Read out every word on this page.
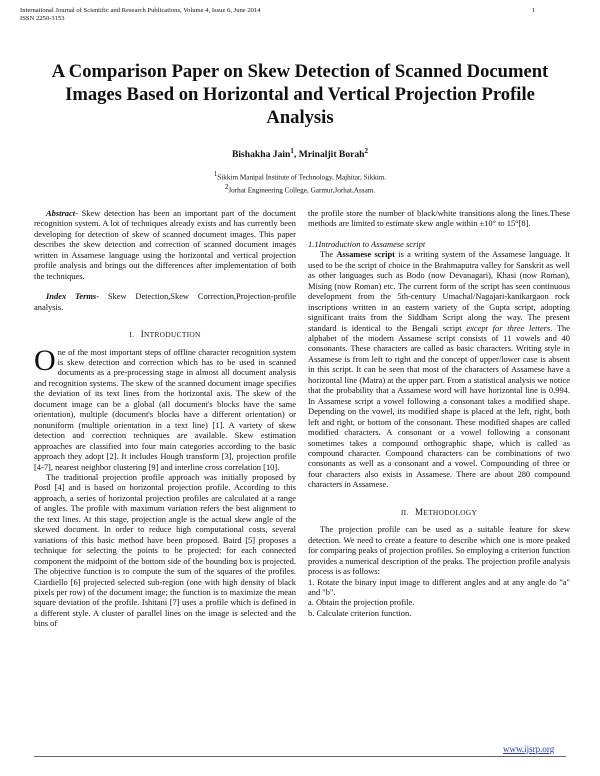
International Journal of Scientific and Research Publications, Volume 4, Issue 6, June 2014
ISSN 2250-3153
1
A Comparison Paper on Skew Detection of Scanned Document Images Based on Horizontal and Vertical Projection Profile Analysis
Bishakha Jain$^1$, Mrinaljit Borah$^2$
$^1$Sikkim Manipal Institute of Technology, Majhitar, Sikkim.
$^2$Jorhat Engineering College, Garmur,Jorhat,Assam.

Abstract- Skew detection has been an important part of the document recognition system. A lot of techniques already exists and has currently been developing for detection of skew of scanned document images. This paper describes the skew detection and correction of scanned document images written in Assamese language using the horizontal and vertical projection profile analysis and brings out the differences after implementation of both the techniques.

Index Terms- Skew Detection,Skew Correction,Projection-profile analysis.

I. INTRODUCTION

One of the most important steps of offline character recognition system is skew detection and correction which has to be used in scanned documents as a pre-processing stage in almost all document analysis and recognition systems. The skew of the scanned document image specifies the deviation of its text lines from the horizontal axis. The skew of the document image can be a global (all document's blocks have the same orientation), multiple (document's blocks have a different orientation) or nonuniform (multiple orientation in a text line) [1]. A variety of skew detection and correction techniques are available. Skew estimation approaches are classified into four main categories according to the basic approach they adopt [2]. It includes Hough transform [3], projection profile [4-7], nearest neighbor clustering [9] and interline cross correlation [10].

The traditional projection profile approach was initially proposed by Postl [4] and is based on horizontal projection profile. According to this approach, a series of horizontal projection profiles are calculated at a range of angles. The profile with maximum variation refers the best alignment to the text lines. At this stage, projection angle is the actual skew angle of the skewed document. In order to reduce high computational costs, several variations of this basic method have been proposed. Baird [5] proposes a technique for selecting the points to be projected: for each connected component the midpoint of the bottom side of the bounding box is projected. The objective function is to compute the sum of the squares of the profiles. Ciardiello [6] projected selected sub-region (one with high density of black pixels per row) of the document image; the function is to maximize the mean square deviation of the profile. Ishitani [7] uses a profile which is defined in a different style. A cluster of parallel lines on the image is selected and the bins of

the profile store the number of black/white transitions along the lines.These methods are limited to estimate skew angle within ±10° to 15°[8].

1.1Introduction to Assamese script

The Assamese script is a writing system of the Assamese language. It used to be the script of choice in the Brahmaputra valley for Sanskrit as well as other languages such as Bodo (now Devanagari), Khasi (now Roman), Mising (now Roman) etc. The current form of the script has seen continuous development from the 5th-century Umachal/Nagajari-kanikargaon rock inscriptions written in an eastern variety of the Gupta script, adopting significant traits from the Siddham Script along the way. The present standard is identical to the Bengali script except for three letters. The alphabet of the modern Assamese script consists of 11 vowels and 40 consonants. These characters are called as basic characters. Writing style in Assamese is from left to right and the concept of upper/lower case is absent in this script. It can be seen that most of the characters of Assamese have a horizontal line (Matra) at the upper part. From a statistical analysis we notice that the probability that a Assamese word will have horizontal line is 0.994. In Assamese script a vowel following a consonant takes a modified shape. Depending on the vowel, its modified shape is placed at the left, right, both left and right, or bottom of the consonant. These modified shapes are called modified characters. A consonant or a vowel following a consonant sometimes takes a compound orthographic shape, which is called as compound character. Compound characters can be combinations of two consonants as well as a consonant and a vowel. Compounding of three or four characters also exists in Assamese. There are about 280 compound characters in Assamese.

II. METHODOLOGY

The projection profile can be used as a suitable feature for skew detection. We need to create a feature to describe which one is more peaked for comparing peaks of projection profiles. So employing a criterion function provides a numerical description of the peaks. The projection profile analysis process is as follows:

1. Rotate the binary input image to different angles and at any angle do "a" and "b".

a. Obtain the projection profile.

b. Calculate criterion function.

www.ijsrp.org
